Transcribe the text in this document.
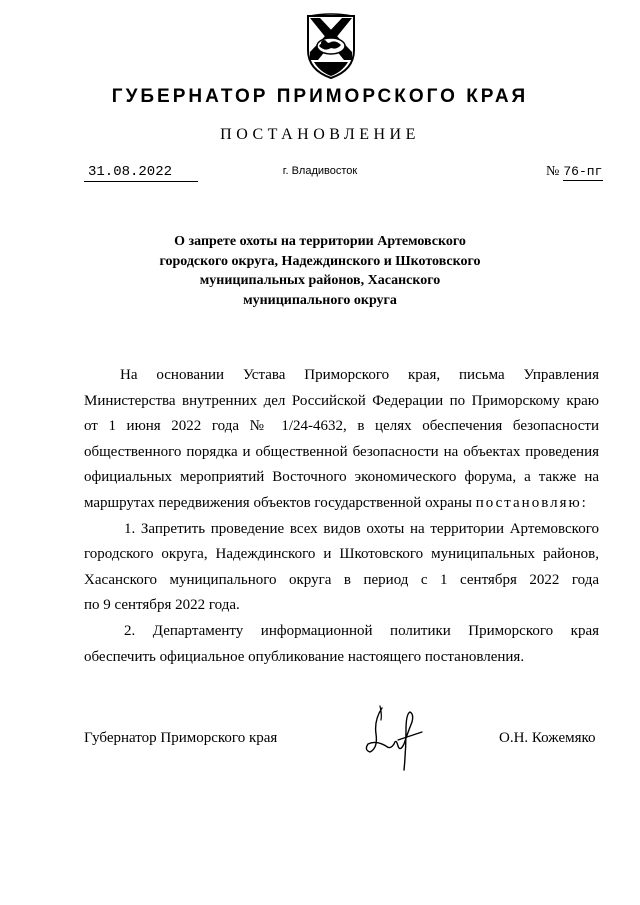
ГУБЕРНАТОР ПРИМОРСКОГО КРАЯ
ПОСТАНОВЛЕНИЕ
31.08.2022	г. Владивосток	№ 76-пг
О запрете охоты на территории Артемовского
городского округа, Надеждинского и Шкотовского
муниципальных районов, Хасанского
муниципального округа
На основании Устава Приморского края, письма Управления
Министерства внутренних дел Российской Федерации по Приморскому краю
от 1 июня 2022 года № 1/24-4632, в целях обеспечения безопасности
общественного порядка и общественной безопасности на объектах проведения
официальных мероприятий Восточного экономического форума, а также на
маршрутах передвижения объектов государственной охраны постановляю:
1. Запретить проведение всех видов охоты на территории Артемовского
городского округа, Надеждинского и Шкотовского муниципальных районов,
Хасанского муниципального округа в период с 1 сентября 2022 года
по 9 сентября 2022 года.
2. Департаменту информационной политики Приморского края
обеспечить официальное опубликование настоящего постановления.
Губернатор Приморского края	О.Н. Кожемяко
